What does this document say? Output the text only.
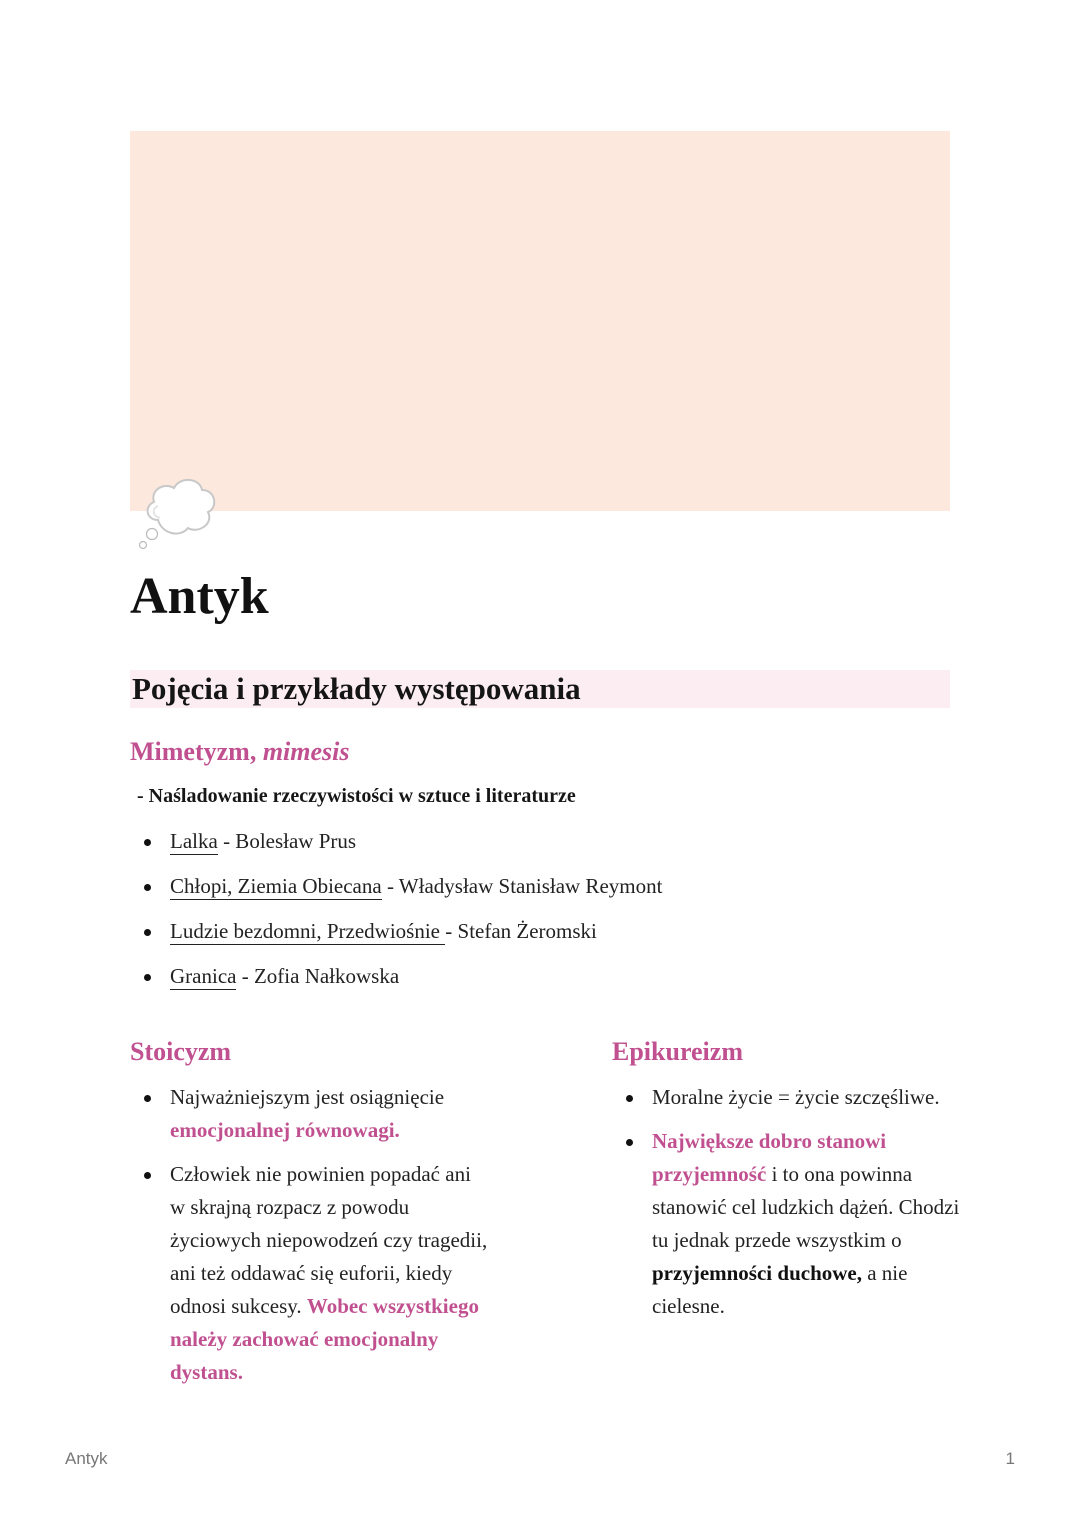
Antyk
Pojęcia i przykłady występowania
Mimetyzm, mimesis
- Naśladowanie rzeczywistości w sztuce i literaturze
Lalka - Bolesław Prus
Chłopi, Ziemia Obiecana - Władysław Stanisław Reymont
Ludzie bezdomni, Przedwiośnie - Stefan Żeromski
Granica - Zofia Nałkowska
Stoicyzm
Najważniejszym jest osiągnięcie emocjonalnej równowagi.
Człowiek nie powinien popadać ani w skrajną rozpacz z powodu życiowych niepowodzeń czy tragedii, ani też oddawać się euforii, kiedy odnosi sukcesy. Wobec wszystkiego należy zachować emocjonalny dystans.
Epikureizm
Moralne życie = życie szczęśliwe.
Największe dobro stanowi przyjemność i to ona powinna stanowić cel ludzkich dążeń. Chodzi tu jednak przede wszystkim o przyjemności duchowe, a nie cielesne.
Antyk	1
